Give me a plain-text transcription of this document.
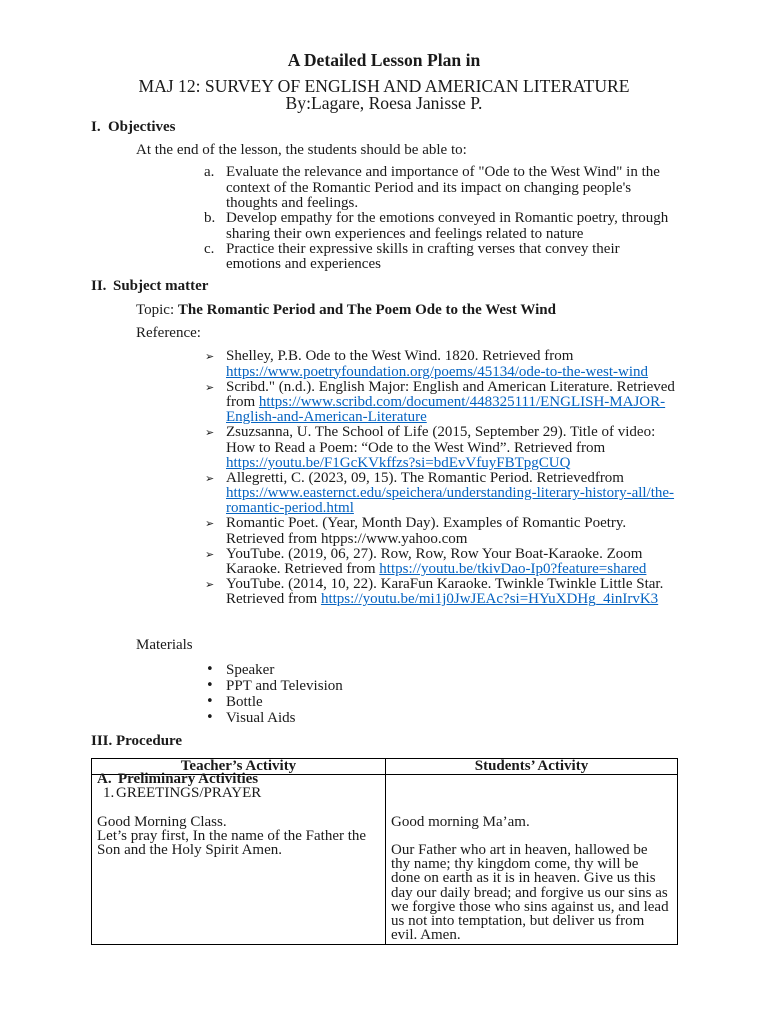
A Detailed Lesson Plan in
MAJ 12: SURVEY OF ENGLISH AND AMERICAN LITERATURE
By:Lagare, Roesa Janisse P.
I. Objectives
At the end of the lesson, the students should be able to:
a. Evaluate the relevance and importance of "Ode to the West Wind" in the
context of the Romantic Period and its impact on changing people's
thoughts and feelings.
b. Develop empathy for the emotions conveyed in Romantic poetry, through
sharing their own experiences and feelings related to nature
c. Practice their expressive skills in crafting verses that convey their
emotions and experiences
II. Subject matter
Topic: The Romantic Period and The Poem Ode to the West Wind
Reference:
➢ Shelley, P.B. Ode to the West Wind. 1820. Retrieved from
https://www.poetryfoundation.org/poems/45134/ode-to-the-west-wind
➢ Scribd." (n.d.). English Major: English and American Literature. Retrieved
from https://www.scribd.com/document/448325111/ENGLISH-MAJOR-
English-and-American-Literature
➢ Zsuzsanna, U. The School of Life (2015, September 29). Title of video:
How to Read a Poem: “Ode to the West Wind”. Retrieved from
https://youtu.be/F1GcKVkffzs?si=bdEvVfuyFBTpgCUQ
➢ Allegretti, C. (2023, 09, 15). The Romantic Period. Retrievedfrom
https://www.easternct.edu/speichera/understanding-literary-history-all/the-
romantic-period.html
➢ Romantic Poet. (Year, Month Day). Examples of Romantic Poetry.
Retrieved from htpps://www.yahoo.com
➢ YouTube. (2019, 06, 27). Row, Row, Row Your Boat-Karaoke. Zoom
Karaoke. Retrieved from https://youtu.be/tkivDao-Ip0?feature=shared
➢ YouTube. (2014, 10, 22). KaraFun Karaoke. Twinkle Twinkle Little Star.
Retrieved from https://youtu.be/mi1j0JwJEAc?si=HYuXDHg_4inIrvK3
Materials
• Speaker
• PPT and Television
• Bottle
• Visual Aids
III. Procedure
Teacher’s Activity	Students’ Activity
A. Preliminary Activities
1. GREETINGS/PRAYER
Good Morning Class.
Let’s pray first, In the name of the Father the
Son and the Holy Spirit Amen.
Good morning Ma’am.
Our Father who art in heaven, hallowed be
thy name; thy kingdom come, thy will be
done on earth as it is in heaven. Give us this
day our daily bread; and forgive us our sins as
we forgive those who sins against us, and lead
us not into temptation, but deliver us from
evil. Amen.
